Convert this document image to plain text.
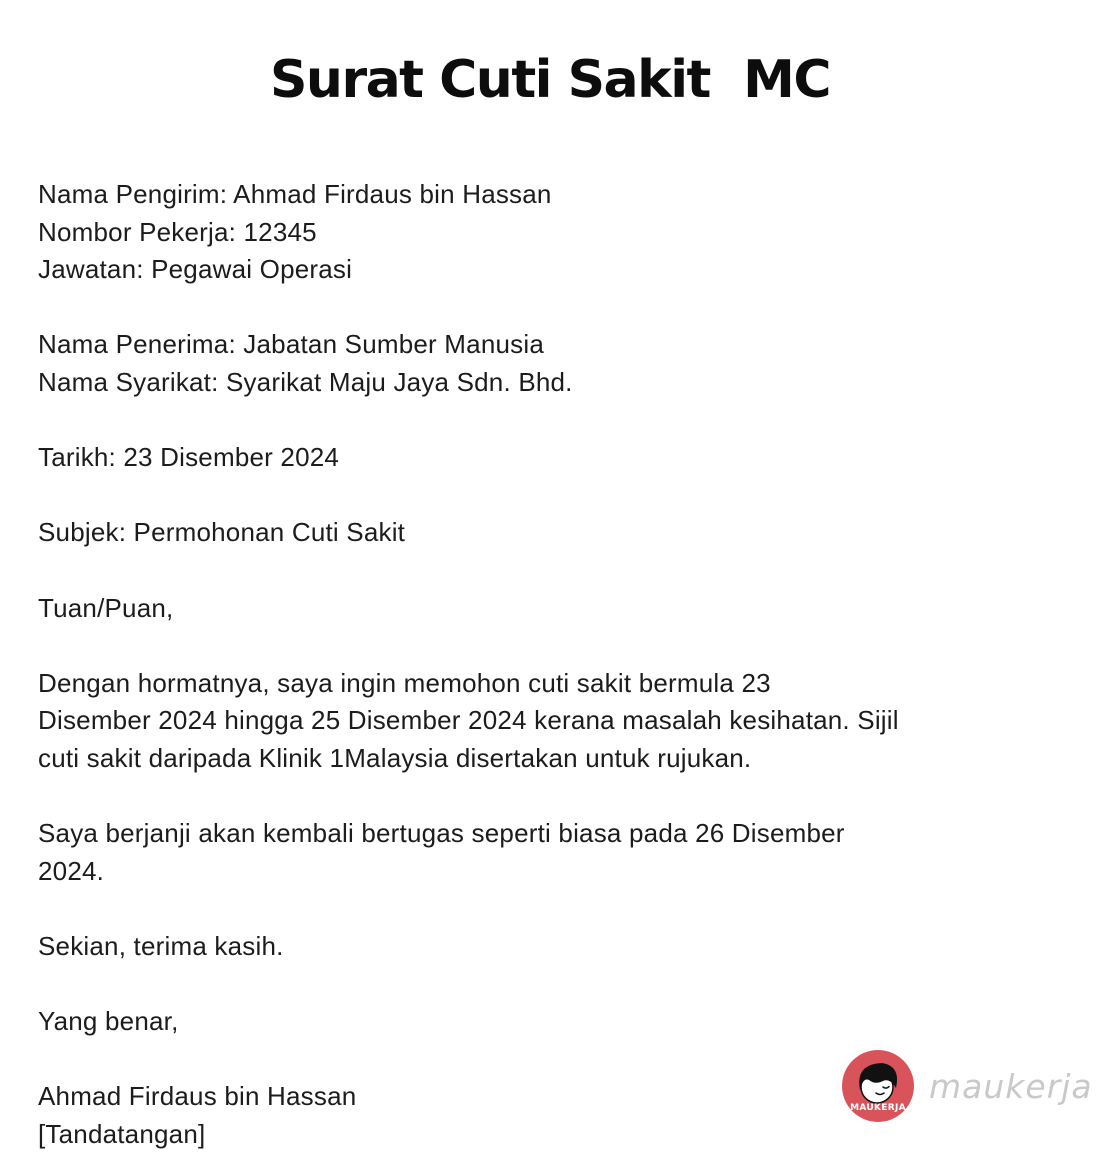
Surat Cuti Sakit  MC
Nama Pengirim: Ahmad Firdaus bin Hassan
Nombor Pekerja: 12345
Jawatan: Pegawai Operasi
Nama Penerima: Jabatan Sumber Manusia
Nama Syarikat: Syarikat Maju Jaya Sdn. Bhd.
Tarikh: 23 Disember 2024
Subjek: Permohonan Cuti Sakit
Tuan/Puan,
Dengan hormatnya, saya ingin memohon cuti sakit bermula 23
Disember 2024 hingga 25 Disember 2024 kerana masalah kesihatan. Sijil
cuti sakit daripada Klinik 1Malaysia disertakan untuk rujukan.
Saya berjanji akan kembali bertugas seperti biasa pada 26 Disember
2024.
Sekian, terima kasih.
Yang benar,
Ahmad Firdaus bin Hassan
[Tandatangan]
MAUKERJA
maukerja
